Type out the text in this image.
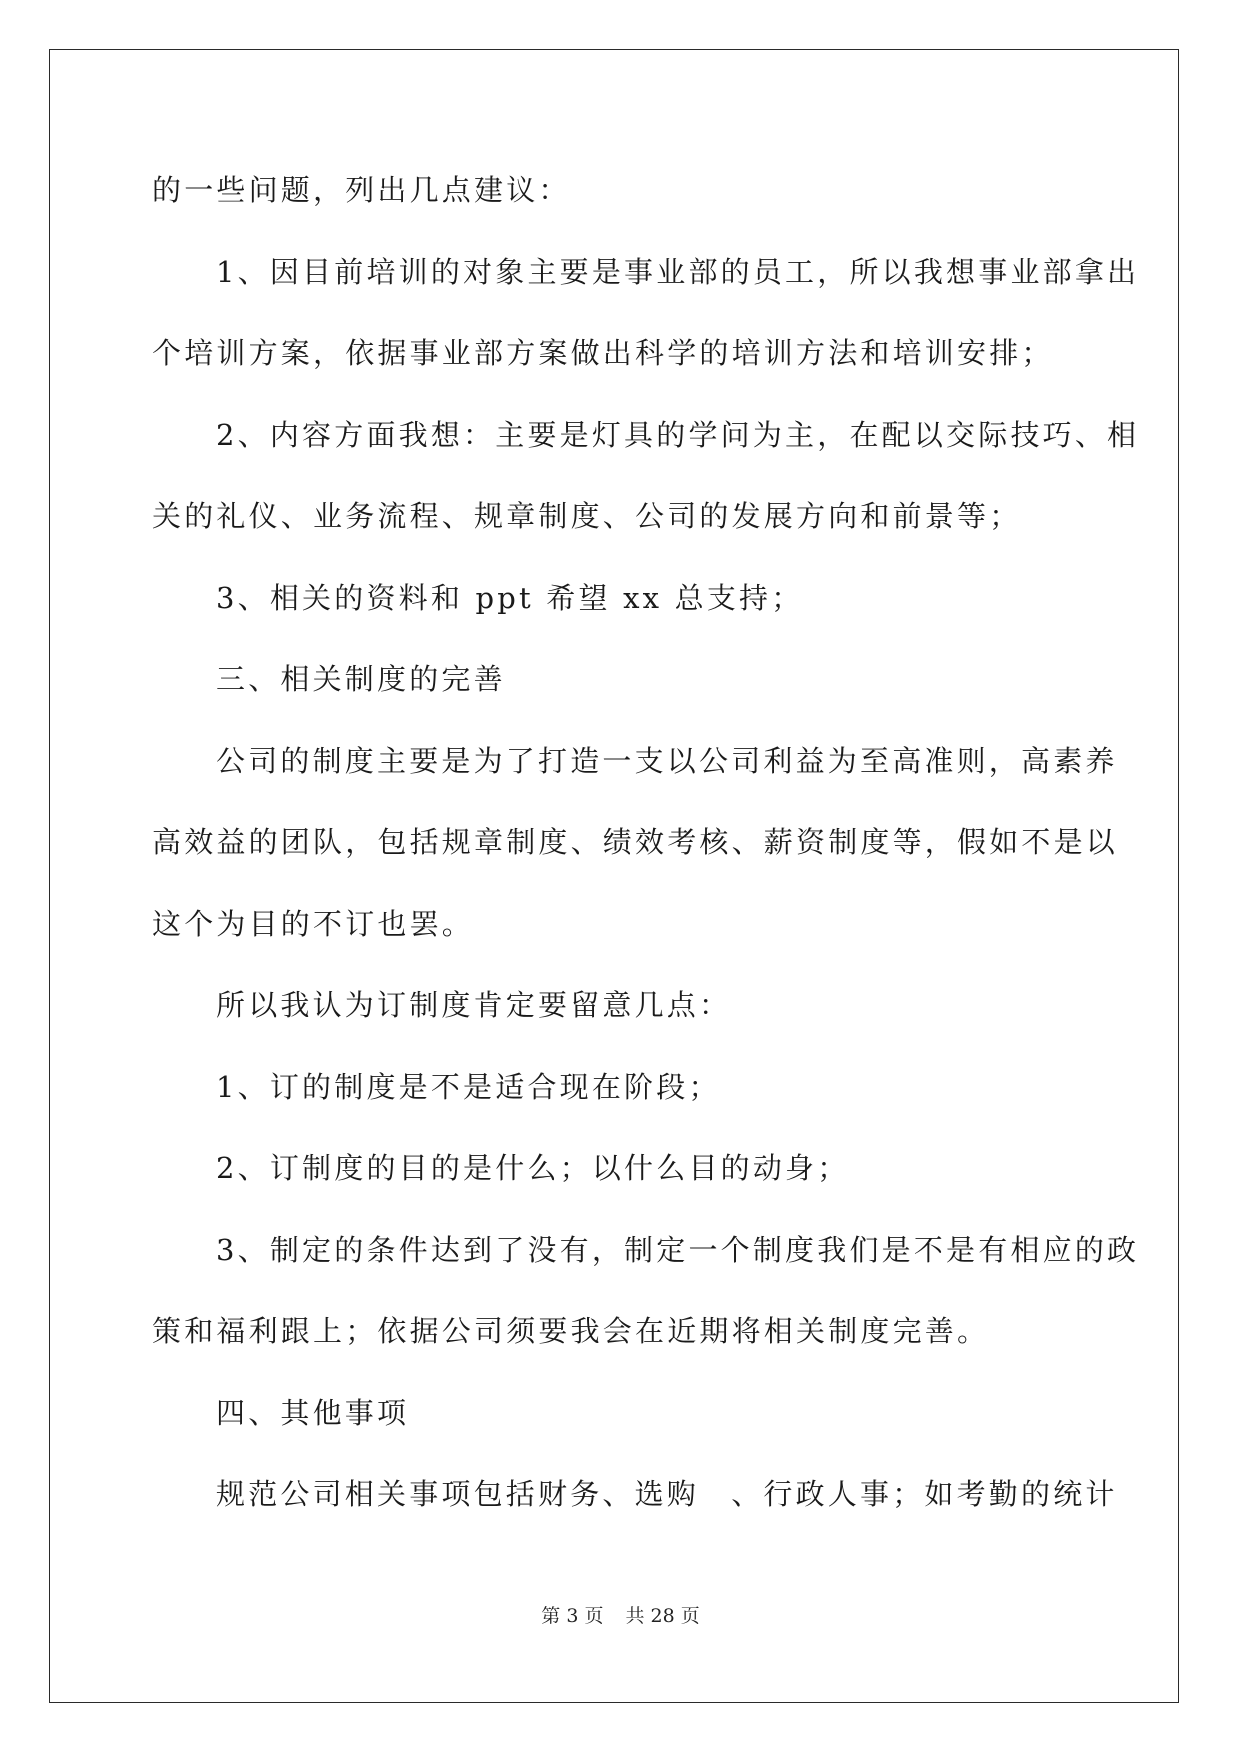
的一些问题，列出几点建议：

1、因目前培训的对象主要是事业部的员工，所以我想事业部拿出

个培训方案，依据事业部方案做出科学的培训方法和培训安排；

2、内容方面我想：主要是灯具的学问为主，在配以交际技巧、相

关的礼仪、业务流程、规章制度、公司的发展方向和前景等；

3、相关的资料和 ppt 希望 xx 总支持；

三、相关制度的完善

公司的制度主要是为了打造一支以公司利益为至高准则，高素养

高效益的团队，包括规章制度、绩效考核、薪资制度等，假如不是以

这个为目的不订也罢。

所以我认为订制度肯定要留意几点：

1、订的制度是不是适合现在阶段；

2、订制度的目的是什么；以什么目的动身；

3、制定的条件达到了没有，制定一个制度我们是不是有相应的政

策和福利跟上；依据公司须要我会在近期将相关制度完善。

四、其他事项

规范公司相关事项包括财务、选购　、行政人事；如考勤的统计

第 3 页 共 28 页
